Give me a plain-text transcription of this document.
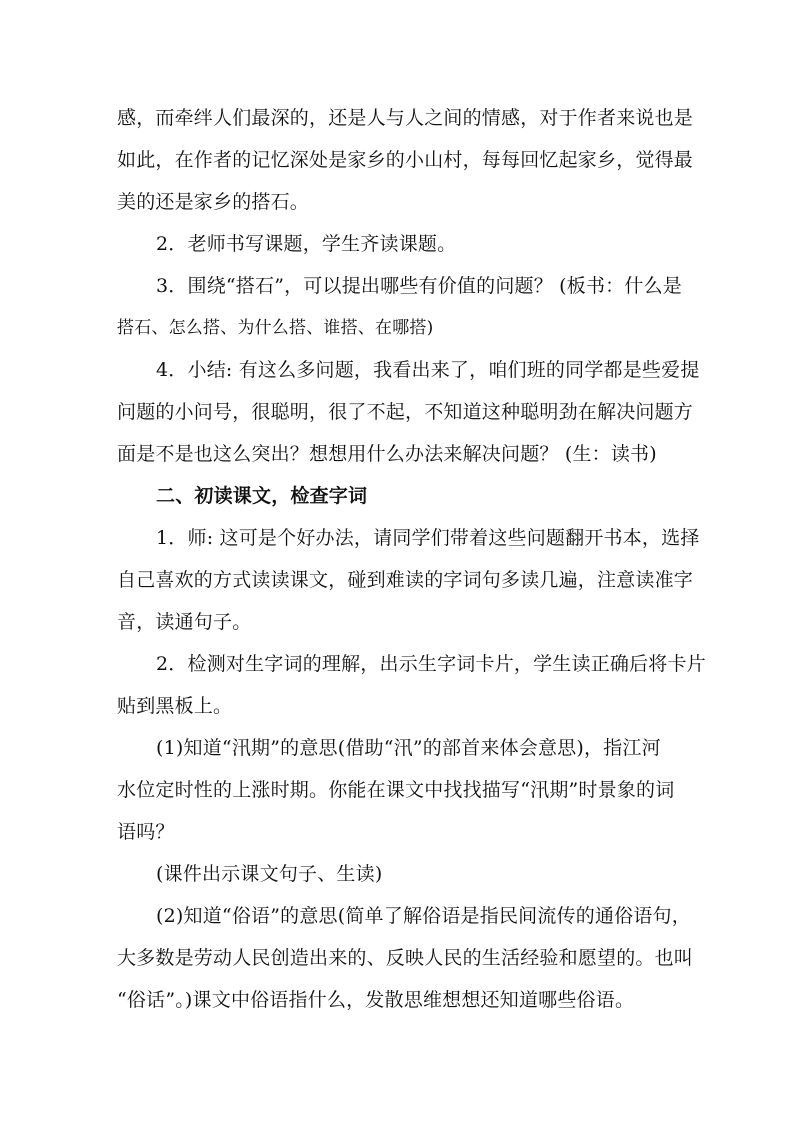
感，而牵绊人们最深的，还是人与人之间的情感，对于作者来说也是
如此，在作者的记忆深处是家乡的小山村，每每回忆起家乡，觉得最
美的还是家乡的搭石。
2．老师书写课题，学生齐读课题。
3．围绕“搭石”，可以提出哪些有价值的问题？ (板书：什么是
搭石、怎么搭、为什么搭、谁搭、在哪搭)
4．小结: 有这么多问题，我看出来了，咱们班的同学都是些爱提
问题的小问号，很聪明，很了不起，不知道这种聪明劲在解决问题方
面是不是也这么突出？想想用什么办法来解决问题？ (生：读书)
二、初读课文，检查字词
1．师: 这可是个好办法，请同学们带着这些问题翻开书本，选择
自己喜欢的方式读读课文，碰到难读的字词句多读几遍，注意读准字
音，读通句子。
2．检测对生字词的理解，出示生字词卡片，学生读正确后将卡片
贴到黑板上。
(1)知道“汛期”的意思(借助“汛”的部首来体会意思)，指江河
水位定时性的上涨时期。你能在课文中找找描写“汛期”时景象的词
语吗？
(课件出示课文句子、生读)
(2)知道“俗语”的意思(简单了解俗语是指民间流传的通俗语句，
大多数是劳动人民创造出来的、反映人民的生活经验和愿望的。也叫
“俗话”。)课文中俗语指什么，发散思维想想还知道哪些俗语。
